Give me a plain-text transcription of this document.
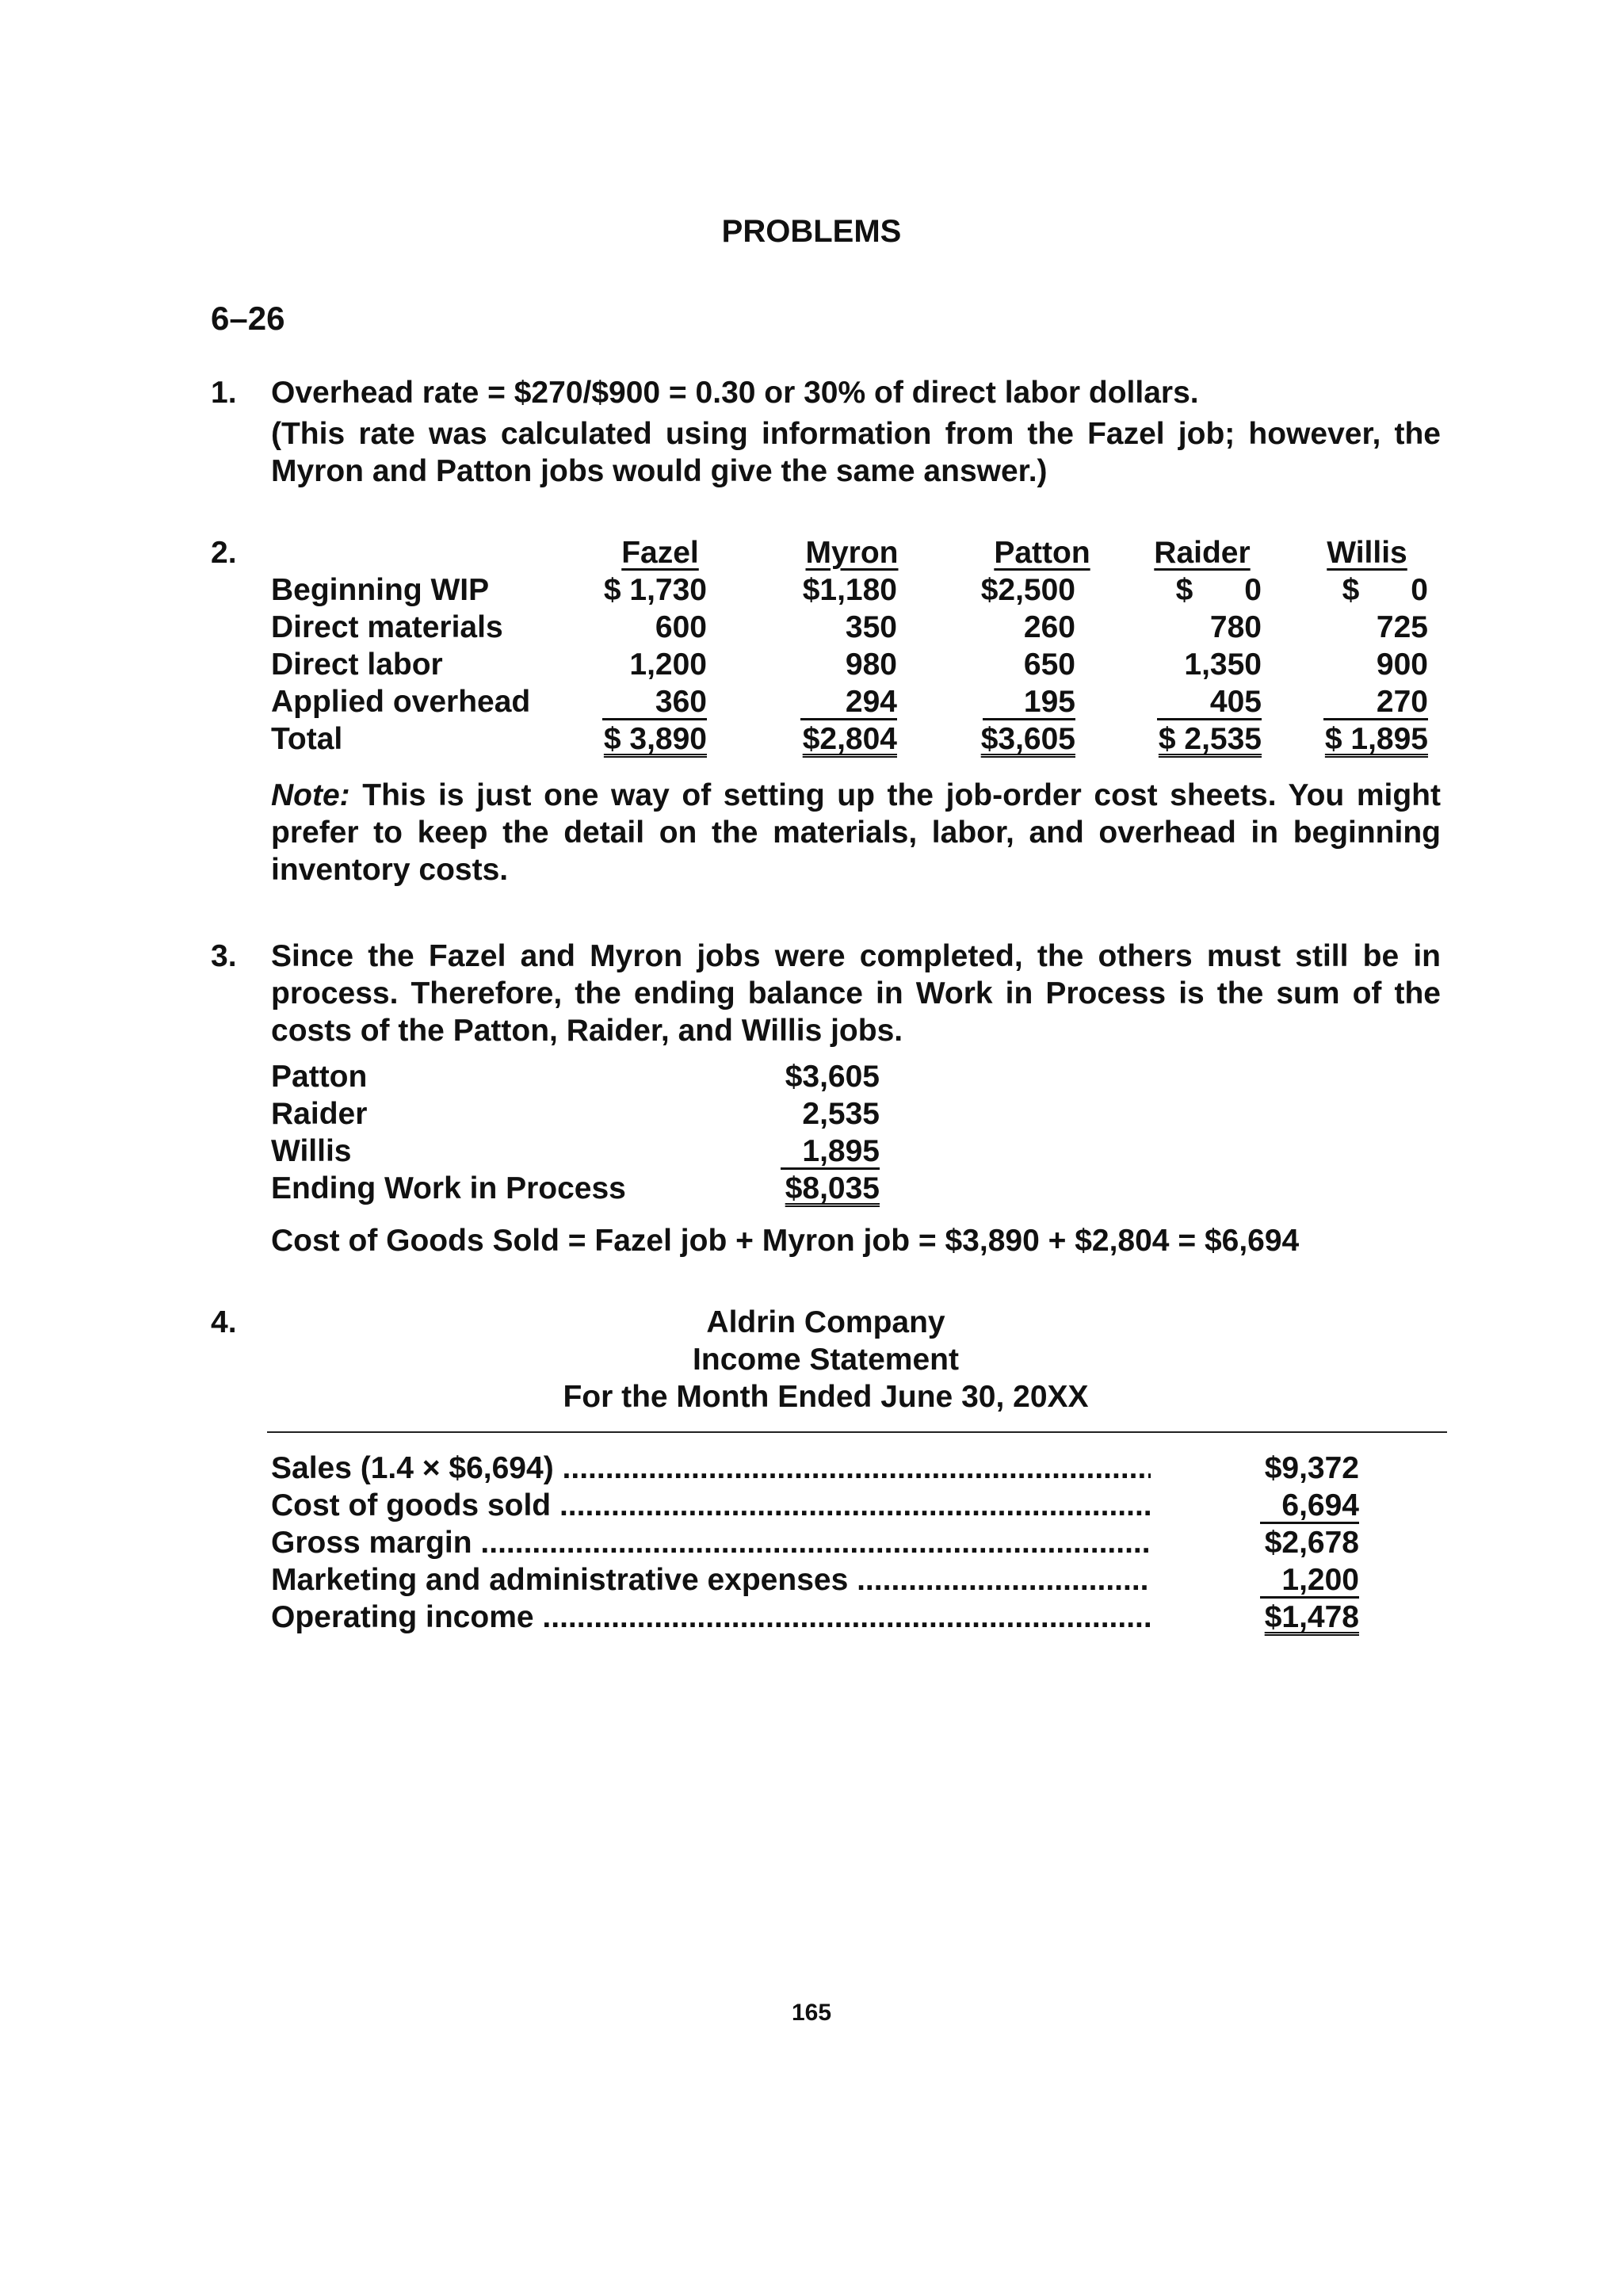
PROBLEMS
6–26
1. Overhead rate = $270/$900 = 0.30 or 30% of direct labor dollars.
(This rate was calculated using information from the Fazel job; however, the Myron and Patton jobs would give the same answer.)
2.	Fazel	Myron	Patton	Raider	Willis
Beginning WIP	$ 1,730	$1,180	$2,500	$      0	$      0
Direct materials	600	350	260	780	725
Direct labor	1,200	980	650	1,350	900
Applied overhead	360	294	195	405	270
Total	$ 3,890	$2,804	$3,605	$ 2,535	$ 1,895
Note: This is just one way of setting up the job-order cost sheets. You might prefer to keep the detail on the materials, labor, and overhead in beginning inventory costs.
3. Since the Fazel and Myron jobs were completed, the others must still be in process. Therefore, the ending balance in Work in Process is the sum of the costs of the Patton, Raider, and Willis jobs.
Patton	$3,605
Raider	2,535
Willis	1,895
Ending Work in Process	$8,035
Cost of Goods Sold = Fazel job + Myron job = $3,890 + $2,804 = $6,694
4.	Aldrin Company
Income Statement
For the Month Ended June 30, 20XX
Sales (1.4 × $6,694) .....	$9,372
Cost of goods sold .....	6,694
Gross margin .....	$2,678
Marketing and administrative expenses .....	1,200
Operating income .....	$1,478
165
